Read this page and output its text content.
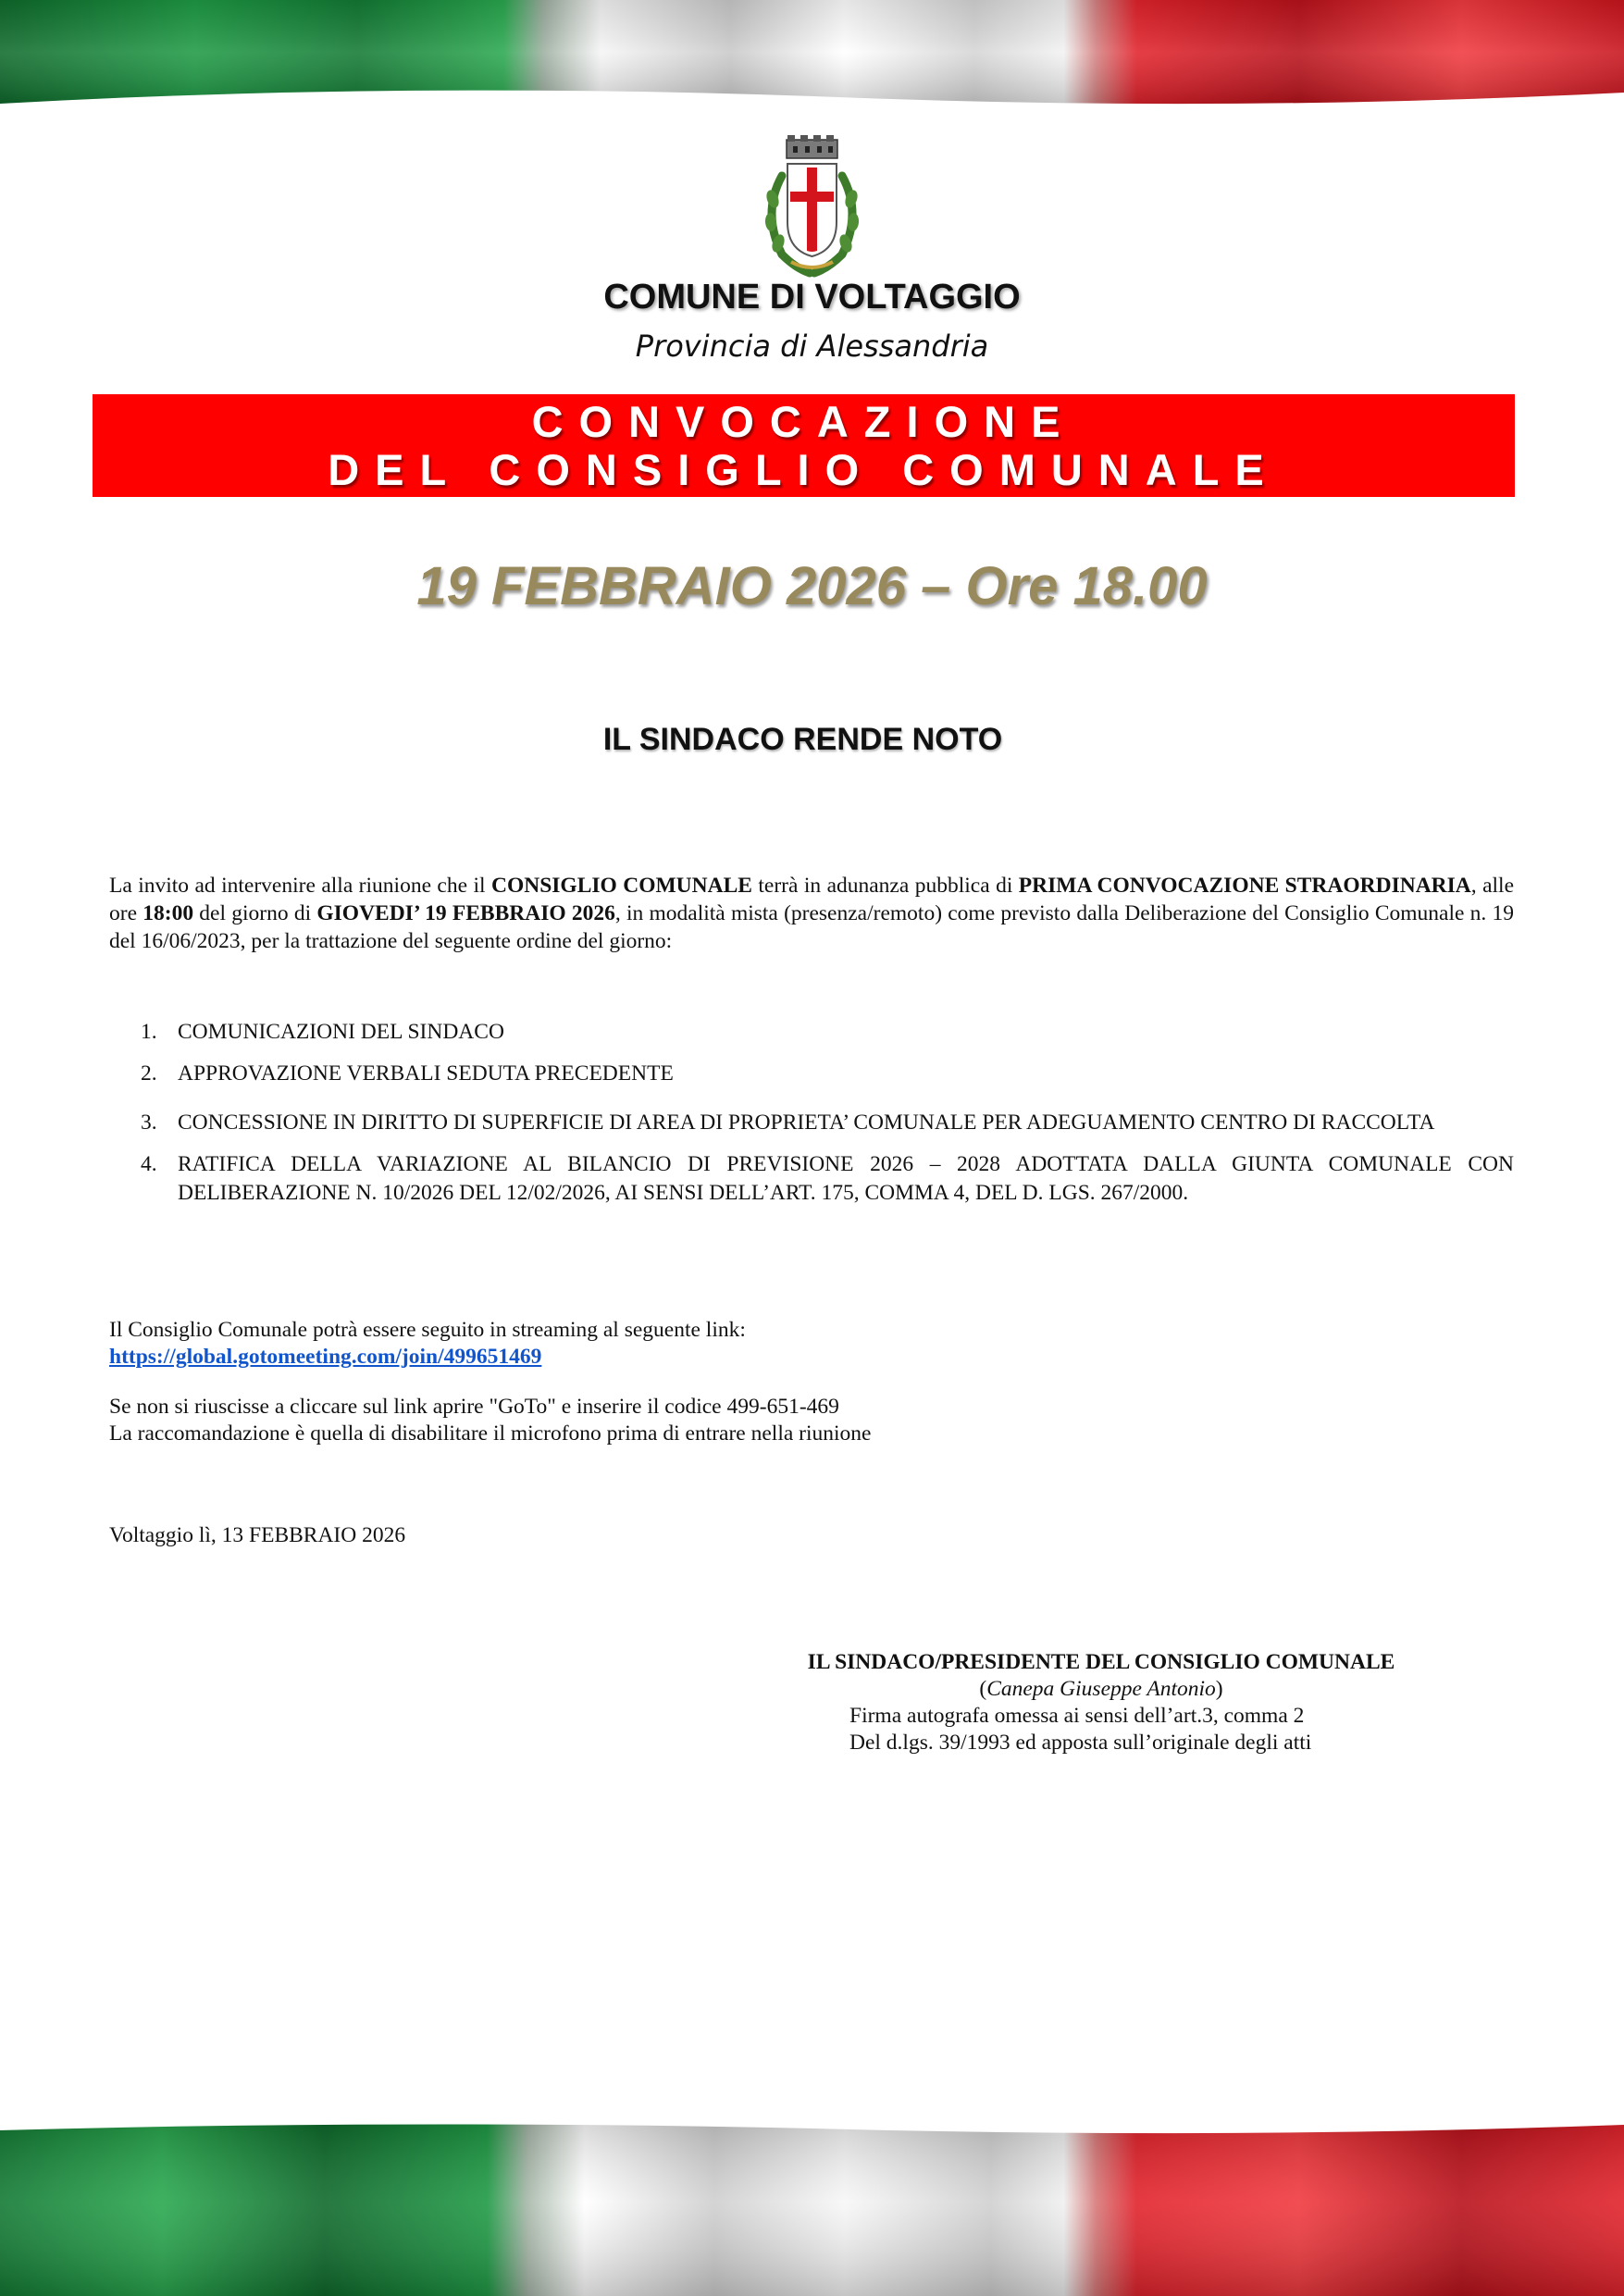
COMUNE DI VOLTAGGIO
Provincia di Alessandria
CONVOCAZIONE
DEL CONSIGLIO COMUNALE
19 FEBBRAIO 2026 – Ore 18.00
IL SINDACO RENDE NOTO

La invito ad intervenire alla riunione che il CONSIGLIO COMUNALE terrà in adunanza pubblica di PRIMA CONVOCAZIONE STRAORDINARIA, alle ore 18:00 del giorno di GIOVEDI’ 19 FEBBRAIO 2026, in modalità mista (presenza/remoto) come previsto dalla Deliberazione del Consiglio Comunale n. 19 del 16/06/2023, per la trattazione del seguente ordine del giorno:

1. COMUNICAZIONI DEL SINDACO
2. APPROVAZIONE VERBALI SEDUTA PRECEDENTE
3. CONCESSIONE IN DIRITTO DI SUPERFICIE DI AREA DI PROPRIETA’ COMUNALE PER ADEGUAMENTO CENTRO DI RACCOLTA
4. RATIFICA DELLA VARIAZIONE AL BILANCIO DI PREVISIONE 2026 – 2028 ADOTTATA DALLA GIUNTA COMUNALE CON DELIBERAZIONE N. 10/2026 DEL 12/02/2026, AI SENSI DELL’ART. 175, COMMA 4, DEL D. LGS. 267/2000.
Il Consiglio Comunale potrà essere seguito in streaming al seguente link:
https://global.gotomeeting.com/join/499651469
Se non si riuscisse a cliccare sul link aprire "GoTo" e inserire il codice 499-651-469
La raccomandazione è quella di disabilitare il microfono prima di entrare nella riunione
Voltaggio lì, 13 FEBBRAIO 2026
IL SINDACO/PRESIDENTE DEL CONSIGLIO COMUNALE
(Canepa Giuseppe Antonio)
Firma autografa omessa ai sensi dell’art.3, comma 2
Del d.lgs. 39/1993 ed apposta sull’originale degli atti
